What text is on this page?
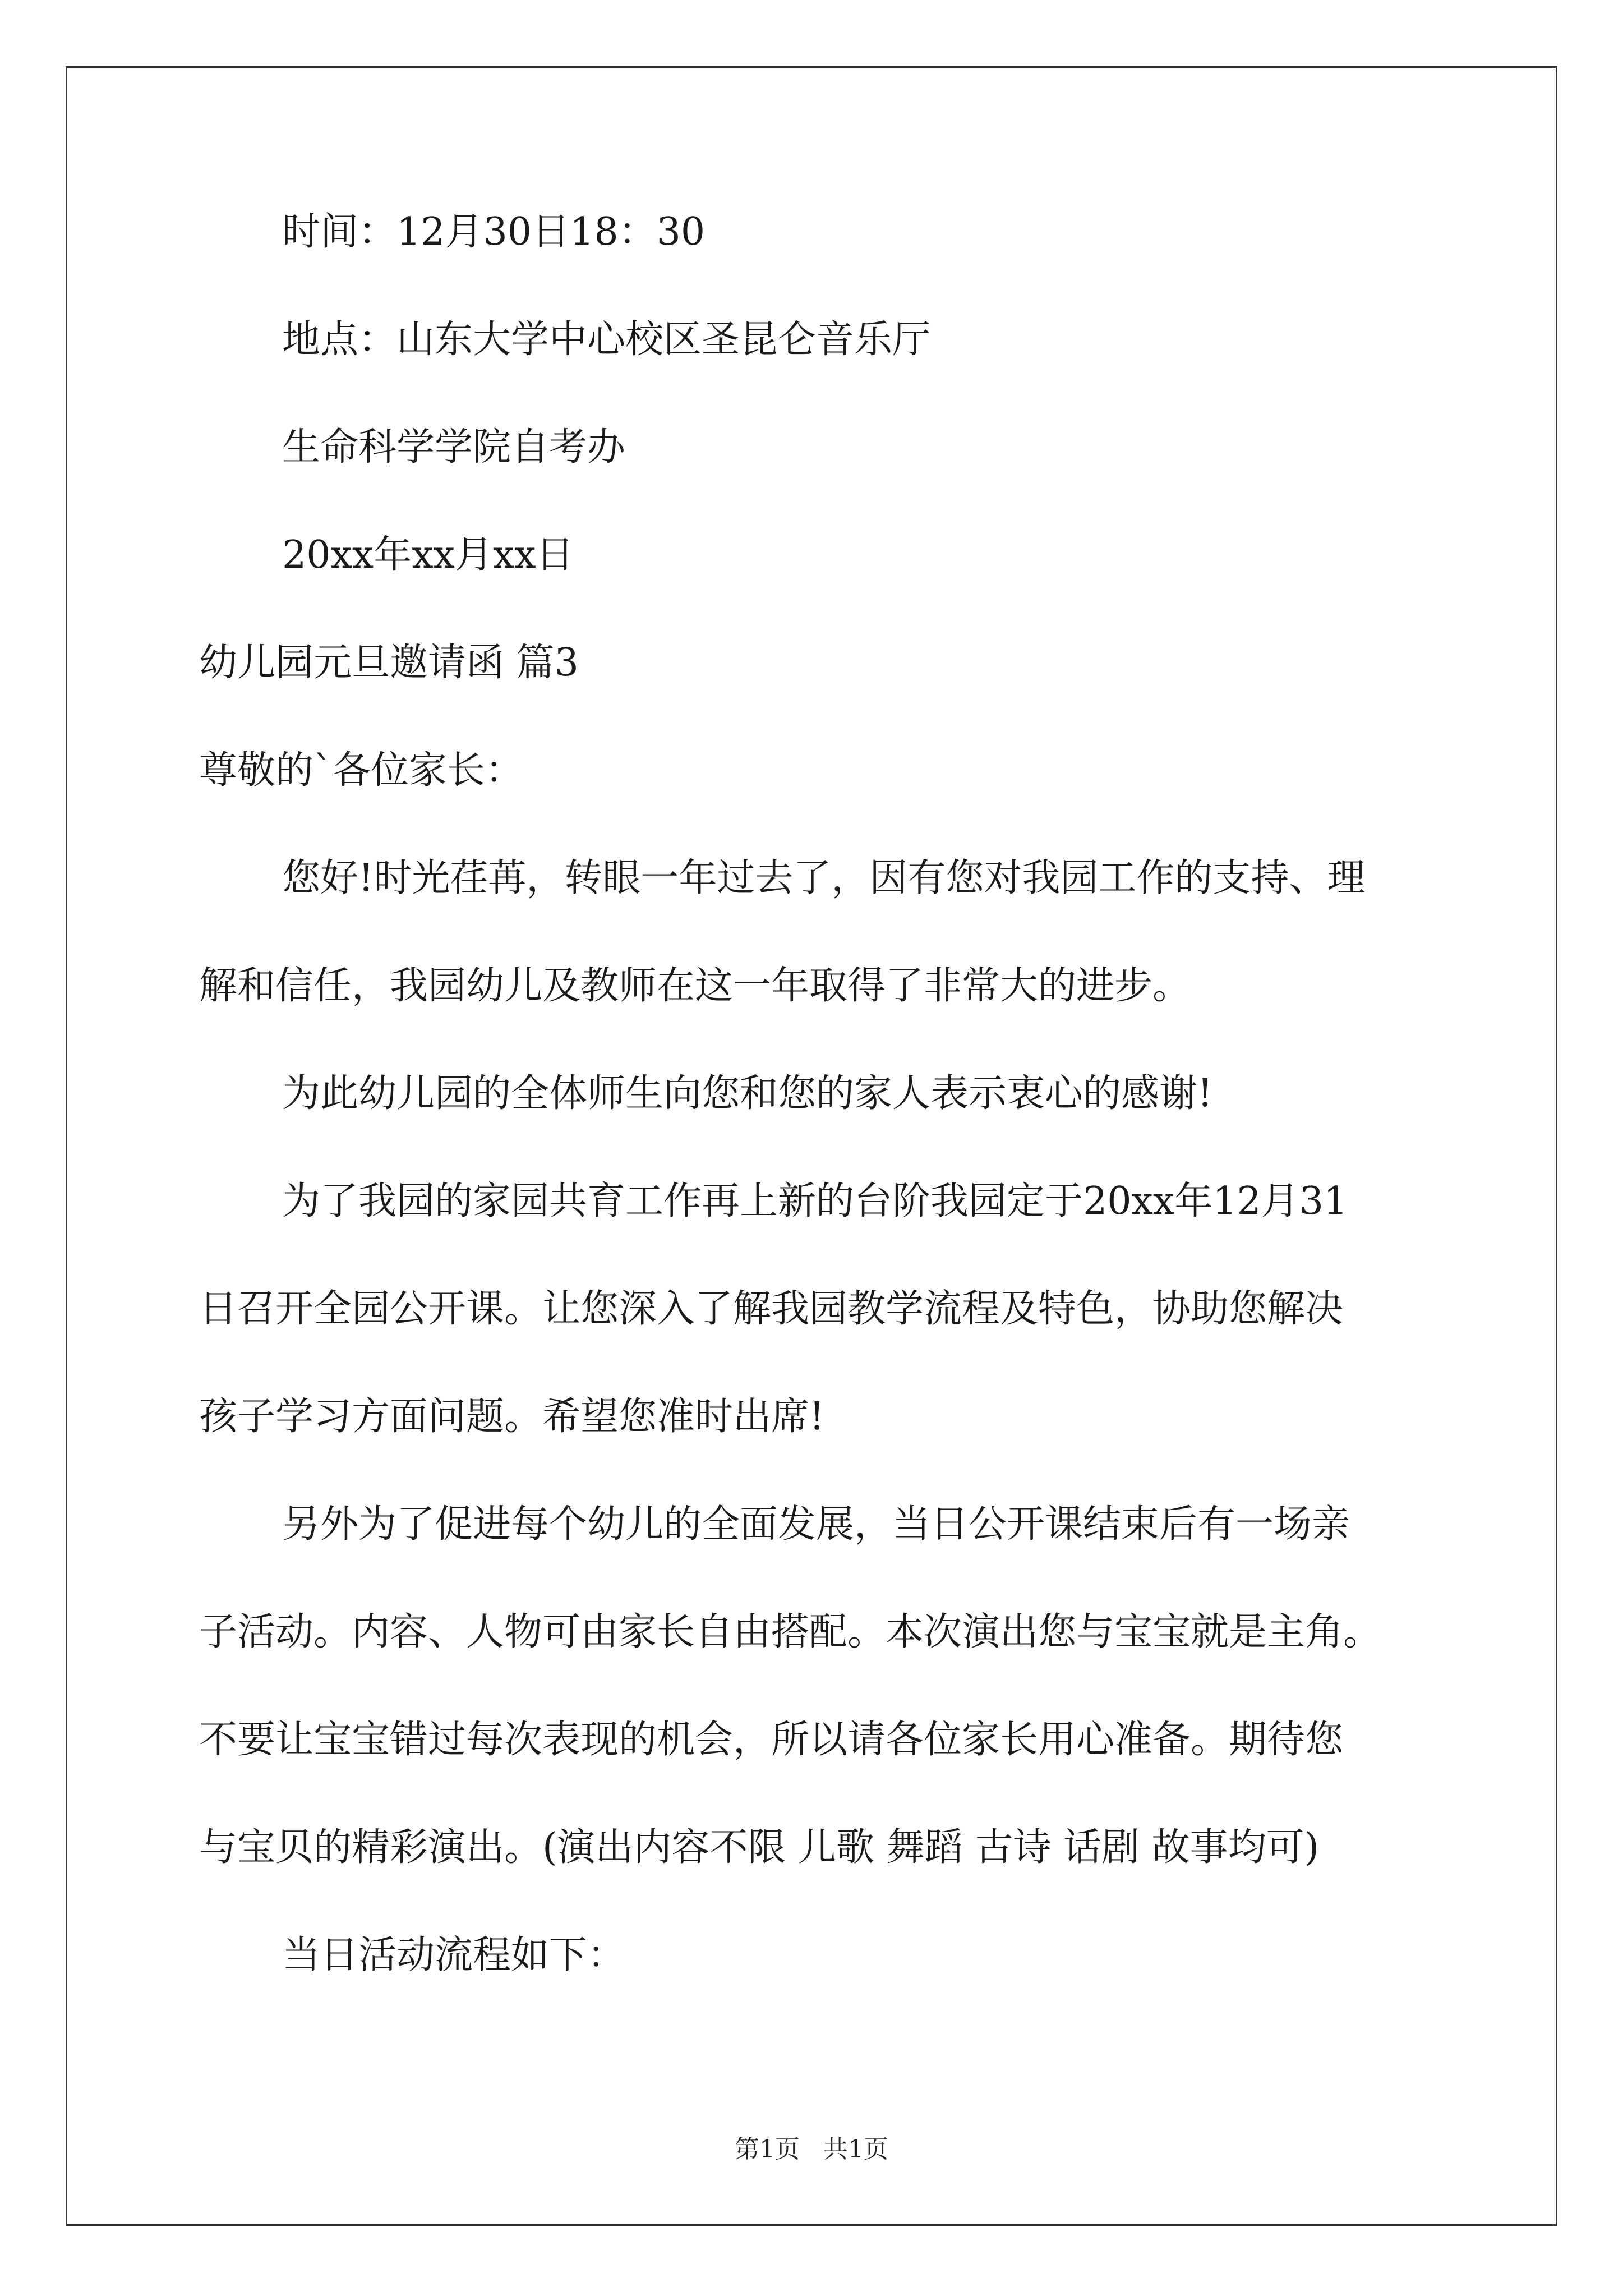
时间：12月30日18：30
地点：山东大学中心校区圣昆仑音乐厅
生命科学学院自考办
20xx年xx月xx日
幼儿园元旦邀请函 篇3
尊敬的`各位家长：
您好!时光荏苒，转眼一年过去了，因有您对我园工作的支持、理
解和信任，我园幼儿及教师在这一年取得了非常大的进步。
为此幼儿园的全体师生向您和您的家人表示衷心的感谢!
为了我园的家园共育工作再上新的台阶我园定于20xx年12月31
日召开全园公开课。让您深入了解我园教学流程及特色，协助您解决
孩子学习方面问题。希望您准时出席!
另外为了促进每个幼儿的全面发展，当日公开课结束后有一场亲
子活动。内容、人物可由家长自由搭配。本次演出您与宝宝就是主角。
不要让宝宝错过每次表现的机会，所以请各位家长用心准备。期待您
与宝贝的精彩演出。(演出内容不限 儿歌 舞蹈 古诗 话剧 故事均可)
当日活动流程如下：
第1页   共1页
